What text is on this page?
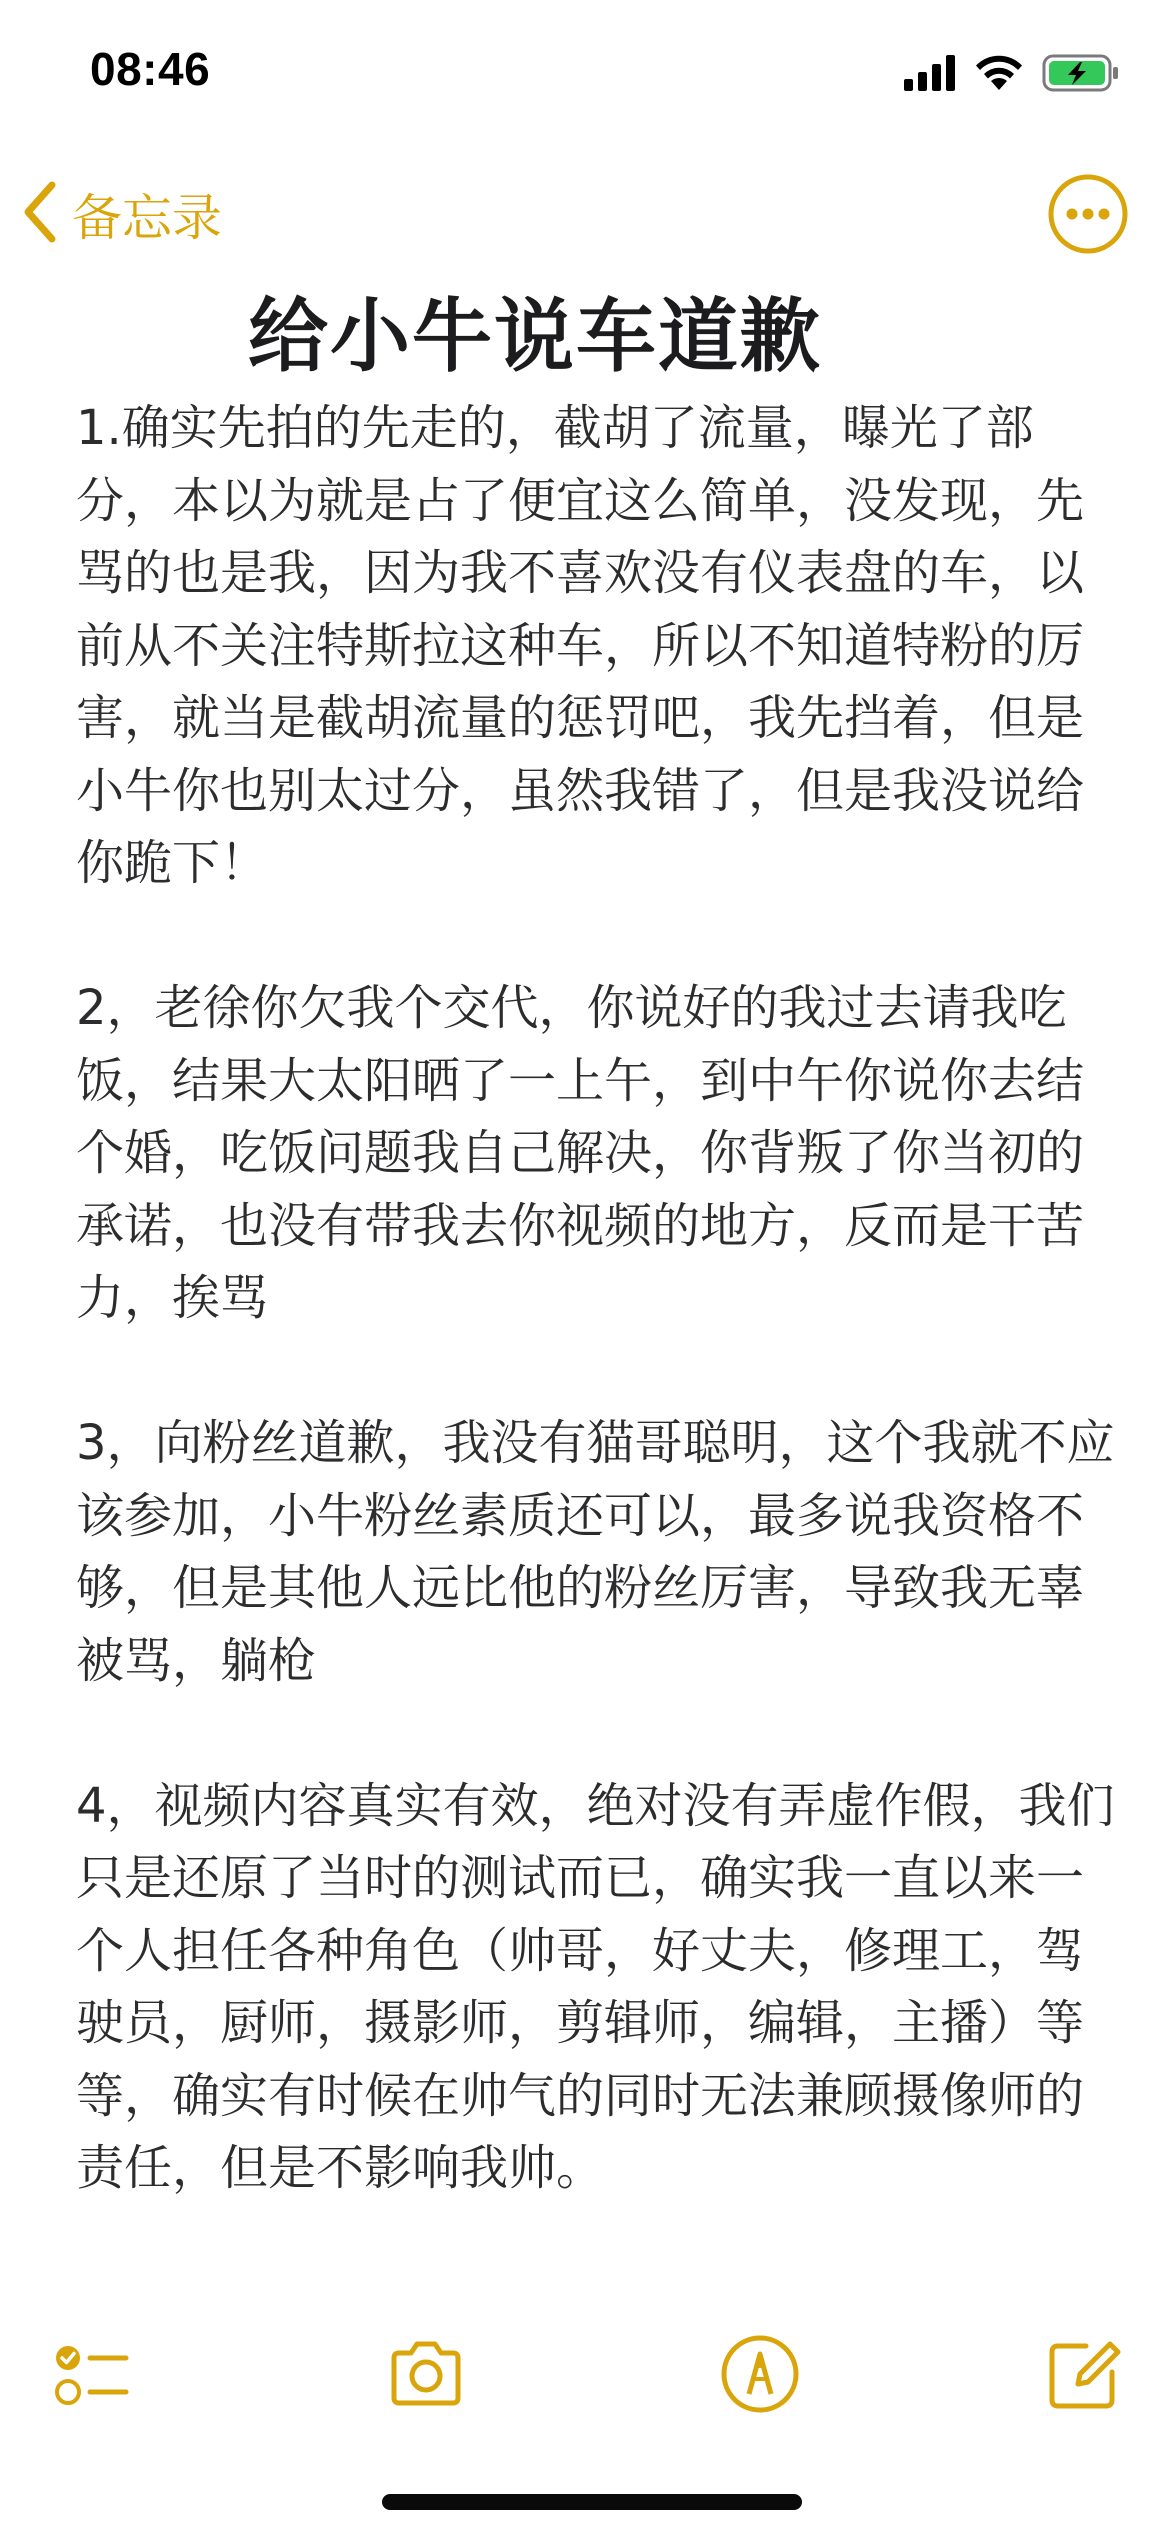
08:46
备忘录
给小牛说车道歉

1.确实先拍的先走的，截胡了流量，曝光了部分，本以为就是占了便宜这么简单，没发现，先骂的也是我，因为我不喜欢没有仪表盘的车，以前从不关注特斯拉这种车，所以不知道特粉的厉害，就当是截胡流量的惩罚吧，我先挡着，但是小牛你也别太过分，虽然我错了，但是我没说给你跪下！

2，老徐你欠我个交代，你说好的我过去请我吃饭，结果大太阳晒了一上午，到中午你说你去结个婚，吃饭问题我自己解决，你背叛了你当初的承诺，也没有带我去你视频的地方，反而是干苦力，挨骂

3，向粉丝道歉，我没有猫哥聪明，这个我就不应该参加，小牛粉丝素质还可以，最多说我资格不够，但是其他人远比他的粉丝厉害，导致我无辜被骂，躺枪

4，视频内容真实有效，绝对没有弄虚作假，我们只是还原了当时的测试而已，确实我一直以来一个人担任各种角色（帅哥，好丈夫，修理工，驾驶员，厨师，摄影师，剪辑师，编辑，主播）等等，确实有时候在帅气的同时无法兼顾摄像师的责任，但是不影响我帅。
